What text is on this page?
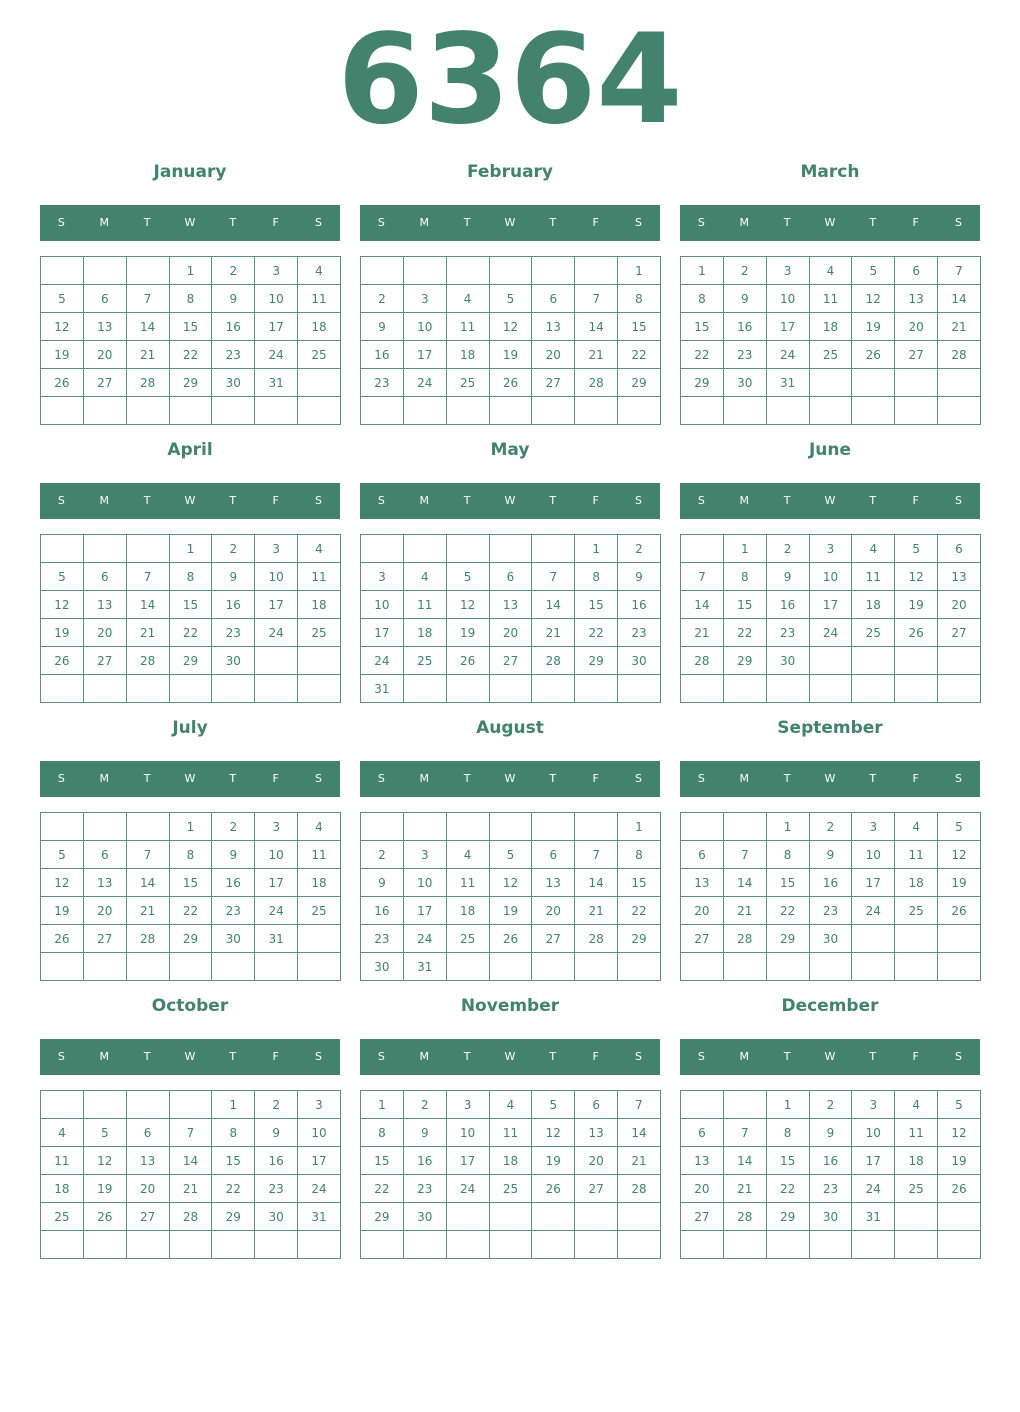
6364
January
S	M	T	W	T	F	S
			1	2	3	4
5	6	7	8	9	10	11
12	13	14	15	16	17	18
19	20	21	22	23	24	25
26	27	28	29	30	31	

February
S	M	T	W	T	F	S
						1
2	3	4	5	6	7	8
9	10	11	12	13	14	15
16	17	18	19	20	21	22
23	24	25	26	27	28	29

March
S	M	T	W	T	F	S
1	2	3	4	5	6	7
8	9	10	11	12	13	14
15	16	17	18	19	20	21
22	23	24	25	26	27	28
29	30	31				

April
S	M	T	W	T	F	S
			1	2	3	4
5	6	7	8	9	10	11
12	13	14	15	16	17	18
19	20	21	22	23	24	25
26	27	28	29	30		

May
S	M	T	W	T	F	S
					1	2
3	4	5	6	7	8	9
10	11	12	13	14	15	16
17	18	19	20	21	22	23
24	25	26	27	28	29	30
31						
June
S	M	T	W	T	F	S
	1	2	3	4	5	6
7	8	9	10	11	12	13
14	15	16	17	18	19	20
21	22	23	24	25	26	27
28	29	30				

July
S	M	T	W	T	F	S
			1	2	3	4
5	6	7	8	9	10	11
12	13	14	15	16	17	18
19	20	21	22	23	24	25
26	27	28	29	30	31	

August
S	M	T	W	T	F	S
						1
2	3	4	5	6	7	8
9	10	11	12	13	14	15
16	17	18	19	20	21	22
23	24	25	26	27	28	29
30	31					
September
S	M	T	W	T	F	S
		1	2	3	4	5
6	7	8	9	10	11	12
13	14	15	16	17	18	19
20	21	22	23	24	25	26
27	28	29	30			

October
S	M	T	W	T	F	S
				1	2	3
4	5	6	7	8	9	10
11	12	13	14	15	16	17
18	19	20	21	22	23	24
25	26	27	28	29	30	31

November
S	M	T	W	T	F	S
1	2	3	4	5	6	7
8	9	10	11	12	13	14
15	16	17	18	19	20	21
22	23	24	25	26	27	28
29	30					

December
S	M	T	W	T	F	S
		1	2	3	4	5
6	7	8	9	10	11	12
13	14	15	16	17	18	19
20	21	22	23	24	25	26
27	28	29	30	31		
